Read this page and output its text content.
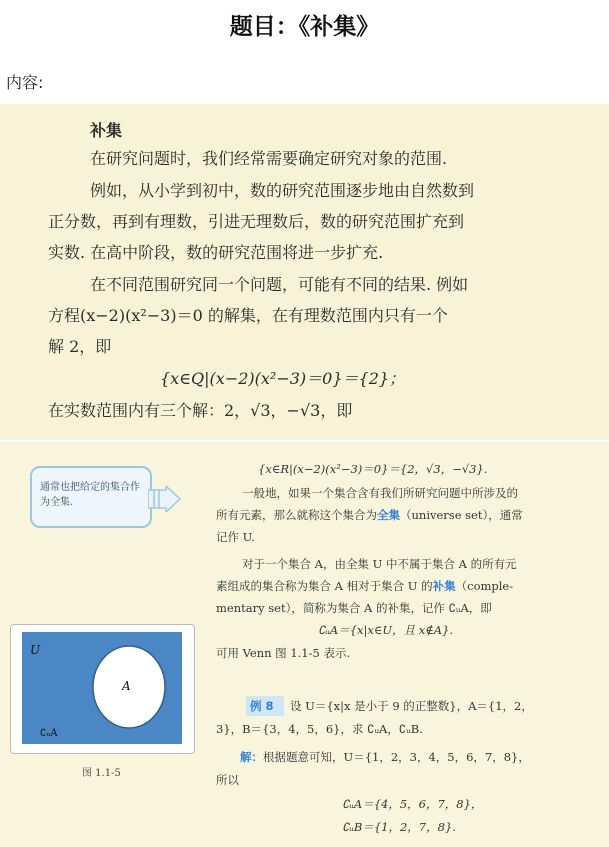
题目：《补集》
内容:
补集
在研究问题时，我们经常需要确定研究对象的范围.
例如，从小学到初中，数的研究范围逐步地由自然数到
正分数，再到有理数，引进无理数后，数的研究范围扩充到
实数. 在高中阶段，数的研究范围将进一步扩充.
在不同范围研究同一个问题，可能有不同的结果. 例如
方程(x−2)(x²−3)＝0 的解集，在有理数范围内只有一个
解 2，即
{x∈Q|(x−2)(x²−3)＝0}＝{2}；
在实数范围内有三个解：2，√3，−√3，即
通常也把给定的集合作为全集.
{x∈R|(x−2)(x²−3)＝0}＝{2，√3，−√3}.
一般地，如果一个集合含有我们所研究问题中所涉及的
所有元素，那么就称这个集合为全集（universe set），通常
记作 U.
对于一个集合 A，由全集 U 中不属于集合 A 的所有元
素组成的集合称为集合 A 相对于集合 U 的补集（comple-
mentary set），简称为集合 A 的补集，记作 ∁ᵤA，即
∁ᵤA＝{x|x∈U，且 x∉A}.
可用 Venn 图 1.1-5 表示.
例 8 设 U＝{x|x 是小于 9 的正整数}，A＝{1，2，
3}，B＝{3，4，5，6}，求 ∁ᵤA，∁ᵤB.
解：根据题意可知，U＝{1，2，3，4，5，6，7，8}，
所以
∁ᵤA＝{4，5，6，7，8}，
∁ᵤB＝{1，2，7，8}.
U
A
∁ᵤA
图 1.1-5
